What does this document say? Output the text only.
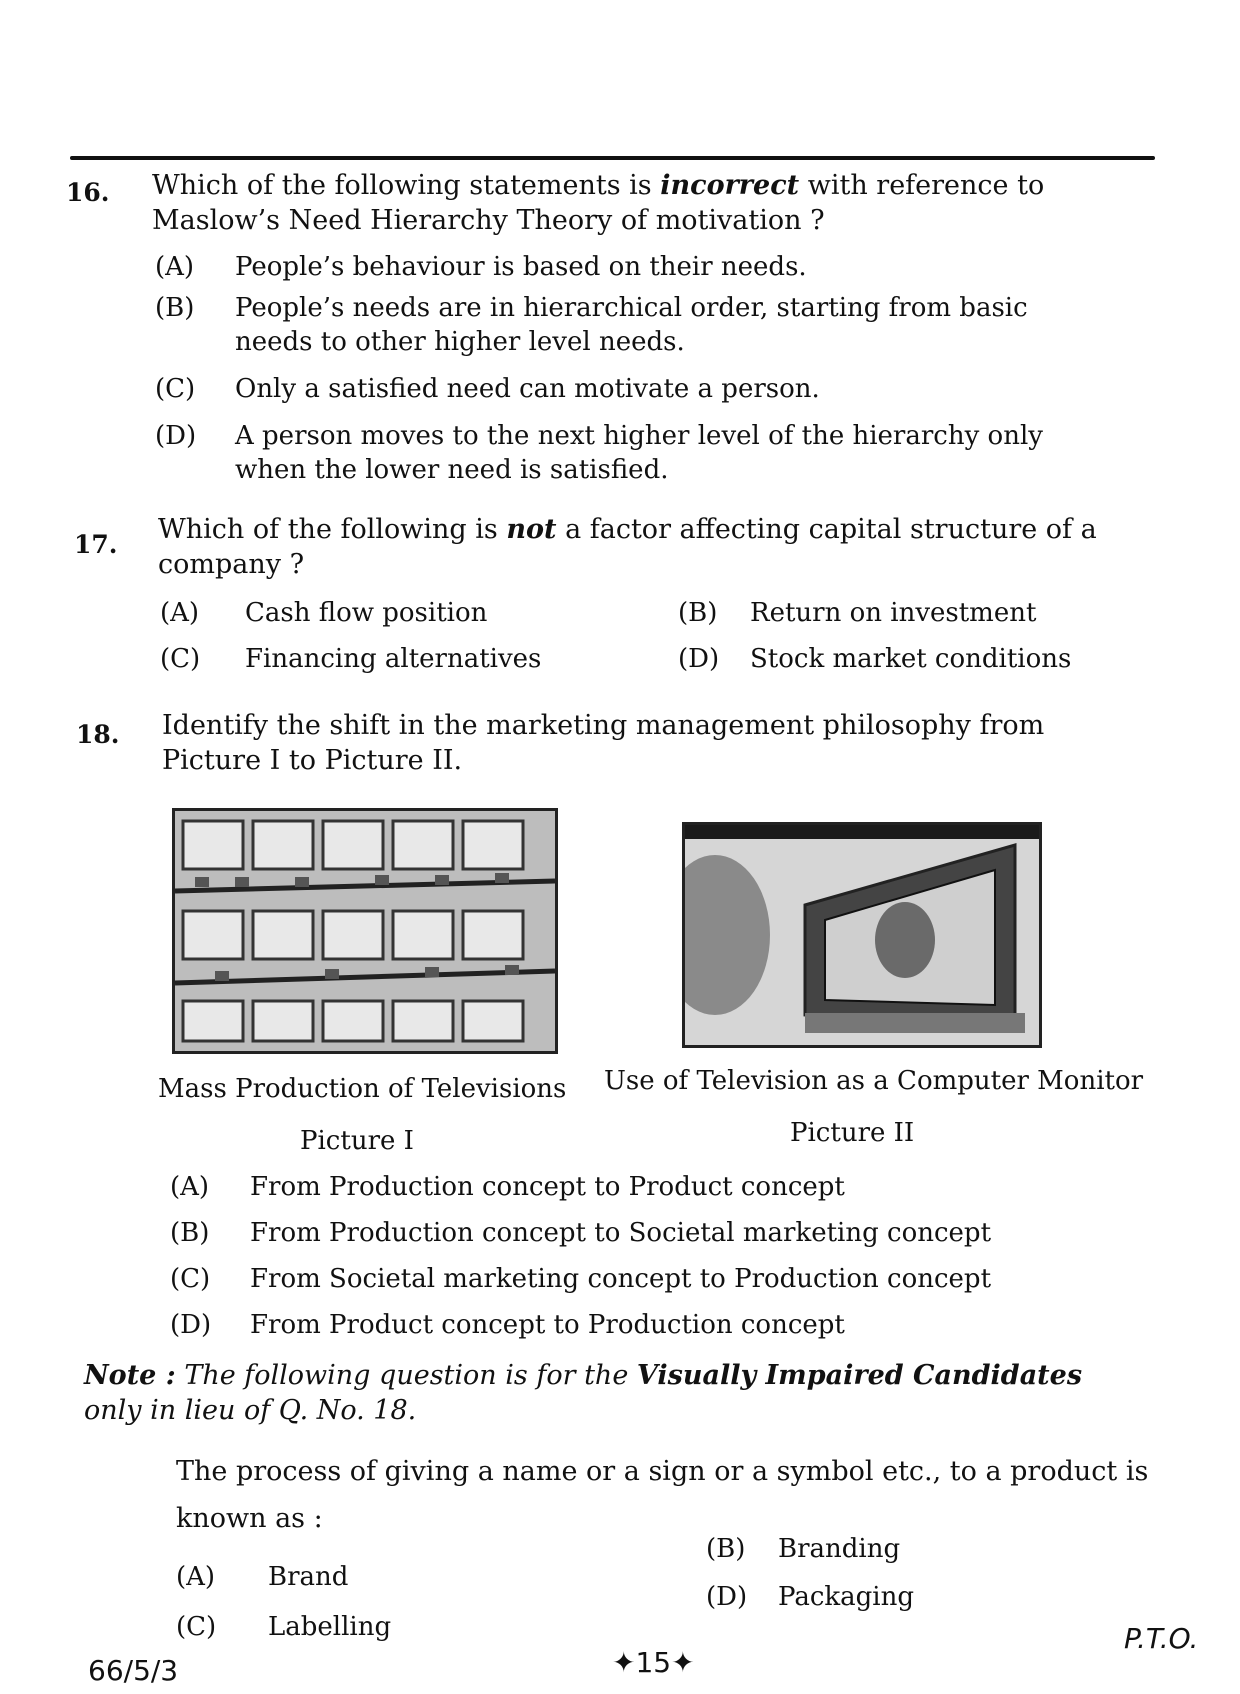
16. Which of the following statements is incorrect with reference to Maslow’s Need Hierarchy Theory of motivation ?
(A)	People’s behaviour is based on their needs.
(B)	People’s needs are in hierarchical order, starting from basic needs to other higher level needs.
(C)	Only a satisfied need can motivate a person.
(D)	A person moves to the next higher level of the hierarchy only when the lower need is satisfied.
17. Which of the following is not a factor affecting capital structure of a company ?
(A)	Cash flow position	(B)	Return on investment
(C)	Financing alternatives	(D)	Stock market conditions
18. Identify the shift in the marketing management philosophy from Picture I to Picture II.
Mass Production of Televisions Use of Television as a Computer Monitor
Picture I	Picture II
(A)	From Production concept to Product concept
(B)	From Production concept to Societal marketing concept
(C)	From Societal marketing concept to Production concept
(D)	From Product concept to Production concept
Note : The following question is for the Visually Impaired Candidates only in lieu of Q. No. 18.
The process of giving a name or a sign or a symbol etc., to a product is known as :
(A)	Brand
(B)	Branding
(C)	Labelling
(D)	Packaging
66/5/3	✦15✦
P.T.O.
